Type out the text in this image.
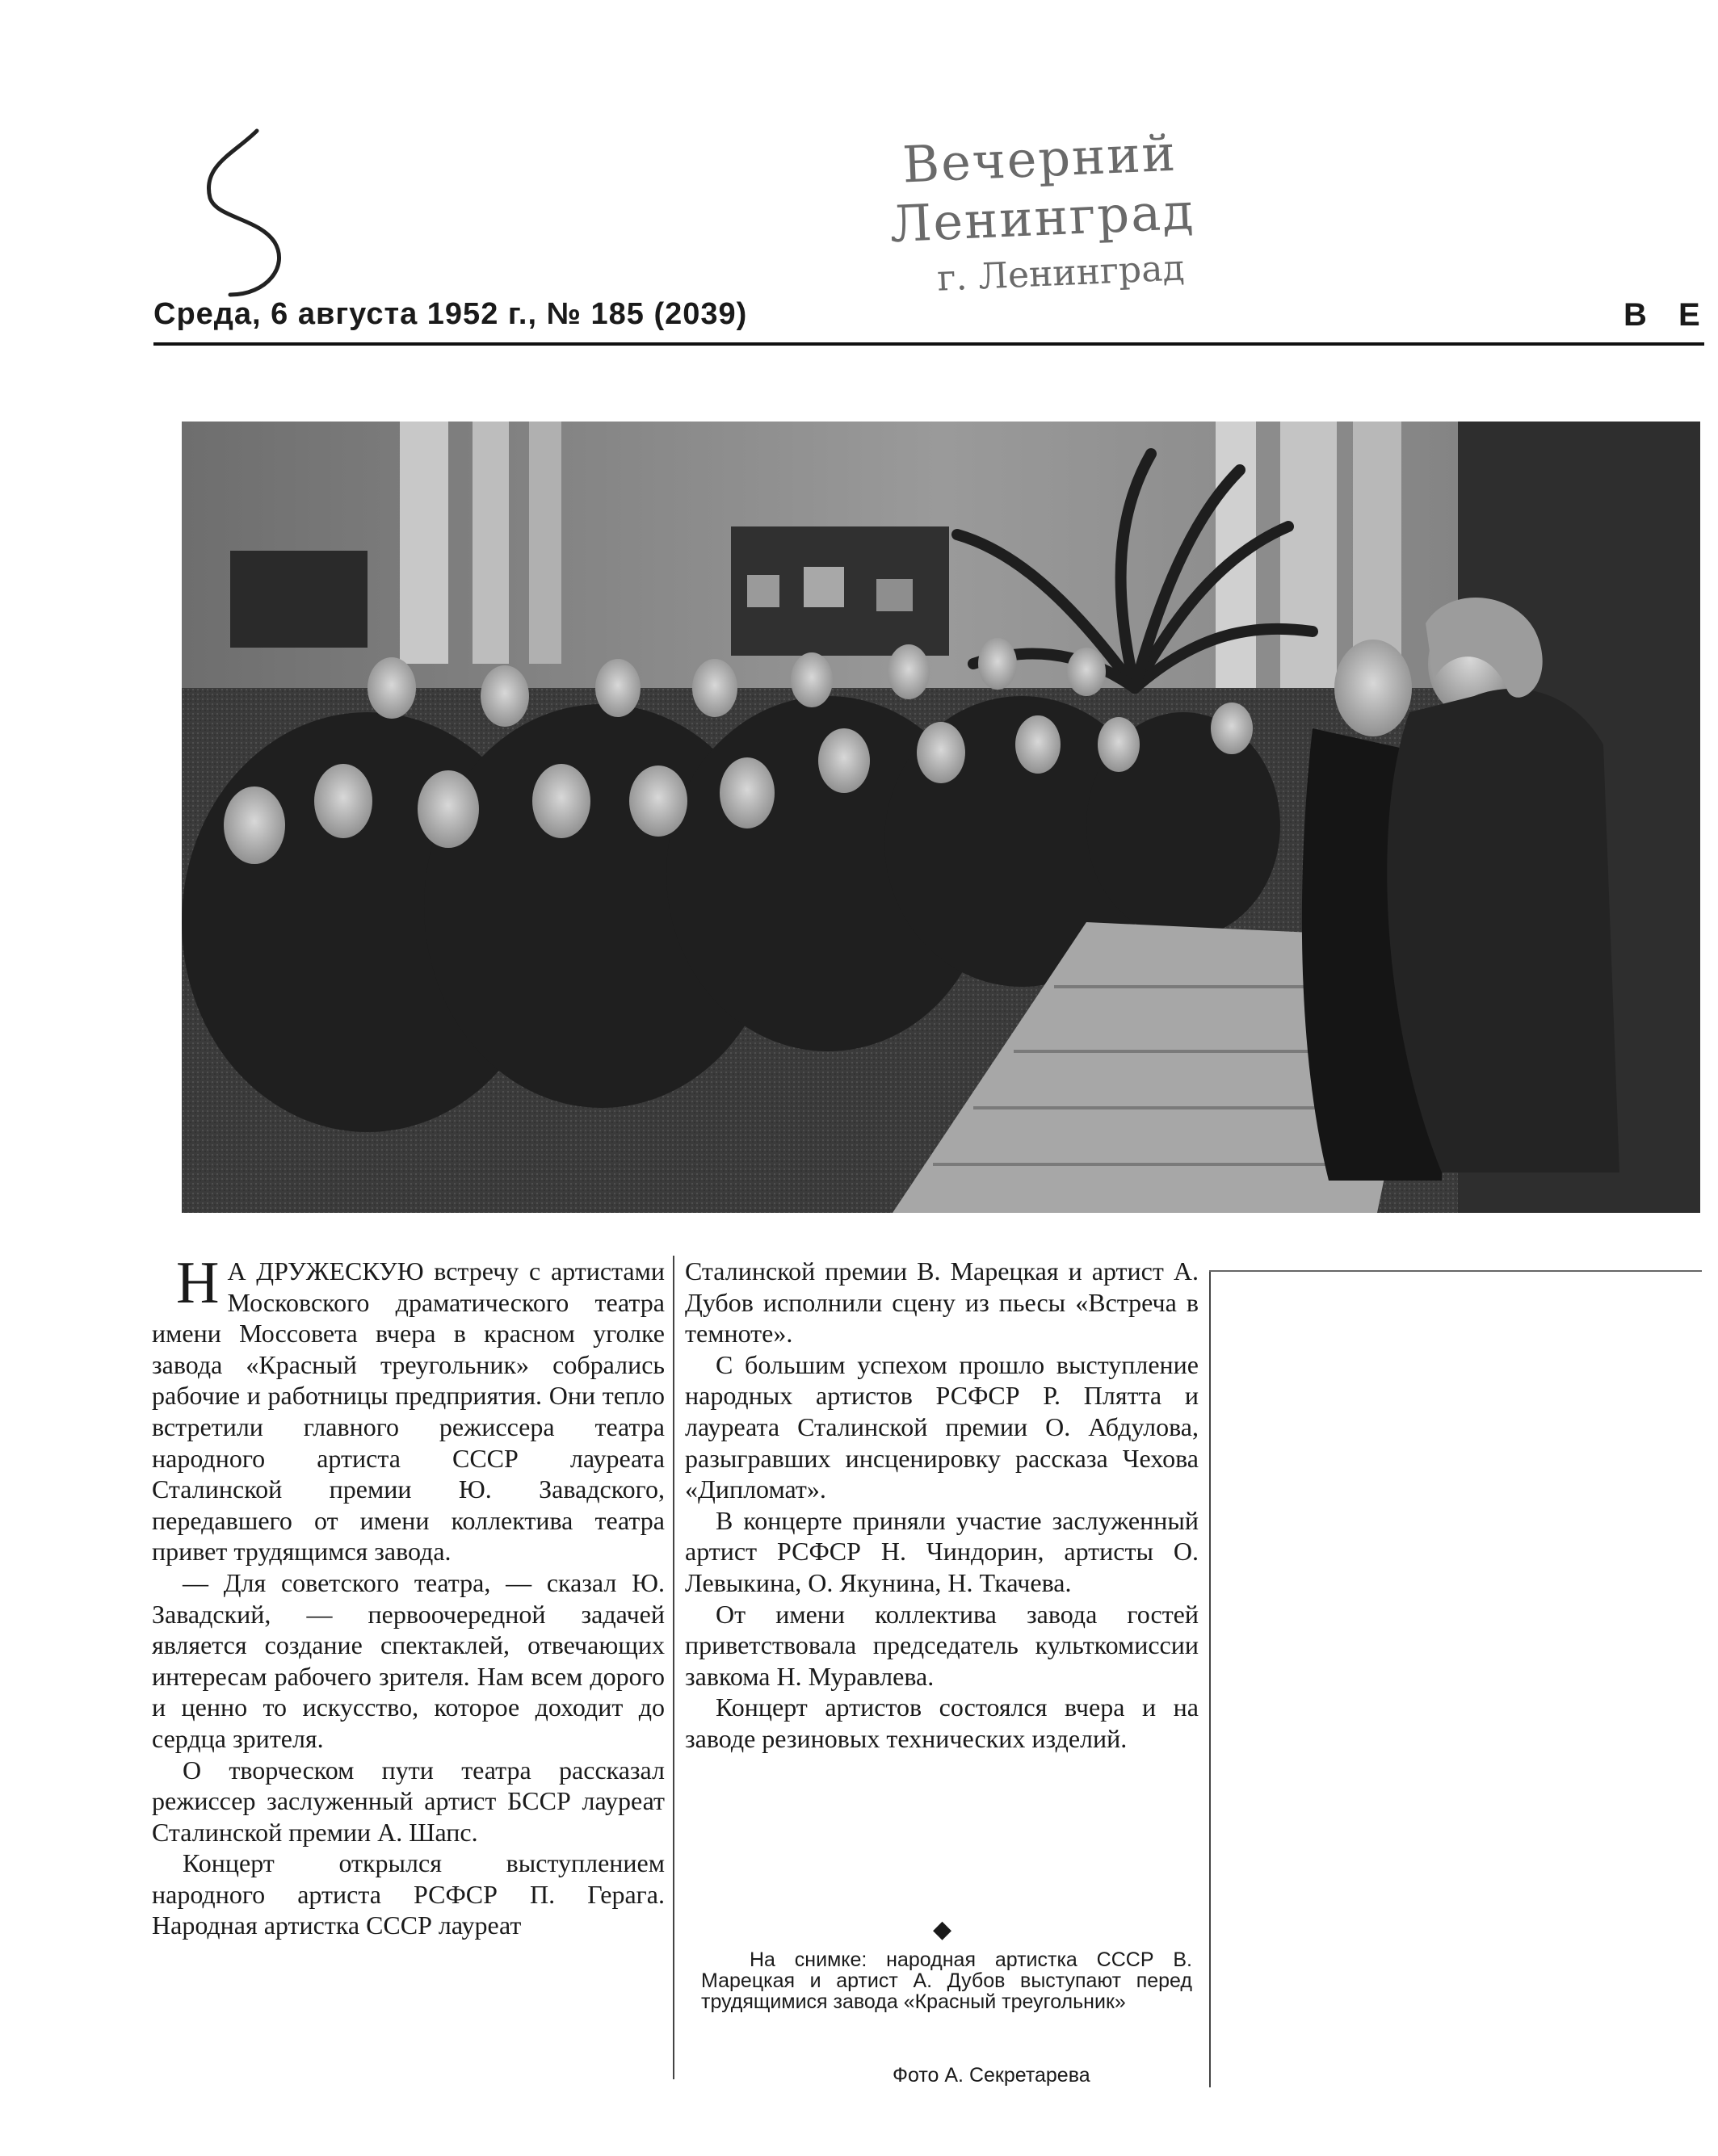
Вечерний Ленинград
г. Ленинград
Среда, 6 августа 1952 г., № 185 (2039)	В Е

Н А ДРУЖЕСКУЮ встречу с артистами Московского драматического театра имени Моссовета вчера в красном уголке завода «Красный треугольник» собрались рабочие и работницы предприятия. Они тепло встретили главного режиссера театра народного артиста СССР лауреата Сталинской премии Ю. Завадского, передавшего от имени коллектива театра привет трудящимся завода.

— Для советского театра, — сказал Ю. Завадский, — первоочередной задачей является создание спектаклей, отвечающих интересам рабочего зрителя. Нам всем дорого и ценно то искусство, которое доходит до сердца зрителя.

О творческом пути театра рассказал режиссер заслуженный артист БССР лауреат Сталинской премии А. Шапс.

Концерт открылся выступлением народного артиста РСФСР П. Герага. Народная артистка СССР лауреат

Сталинской премии В. Марецкая и артист А. Дубов исполнили сцену из пьесы «Встреча в темноте».

С большим успехом прошло выступление народных артистов РСФСР Р. Плятта и лауреата Сталинской премии О. Абдулова, разыгравших инсценировку рассказа Чехова «Дипломат».

В концерте приняли участие заслуженный артист РСФСР Н. Чиндорин, артисты О. Левыкина, О. Якунина, Н. Ткачева.

От имени коллектива завода гостей приветствовала председатель культкомиссии завкома Н. Муравлева.

Концерт артистов состоялся вчера и на заводе резиновых технических изделий.

◆

На снимке: народная артистка СССР В. Марецкая и артист А. Дубов выступают перед трудящимися завода «Красный треугольник»

Фото А. Секретарева
